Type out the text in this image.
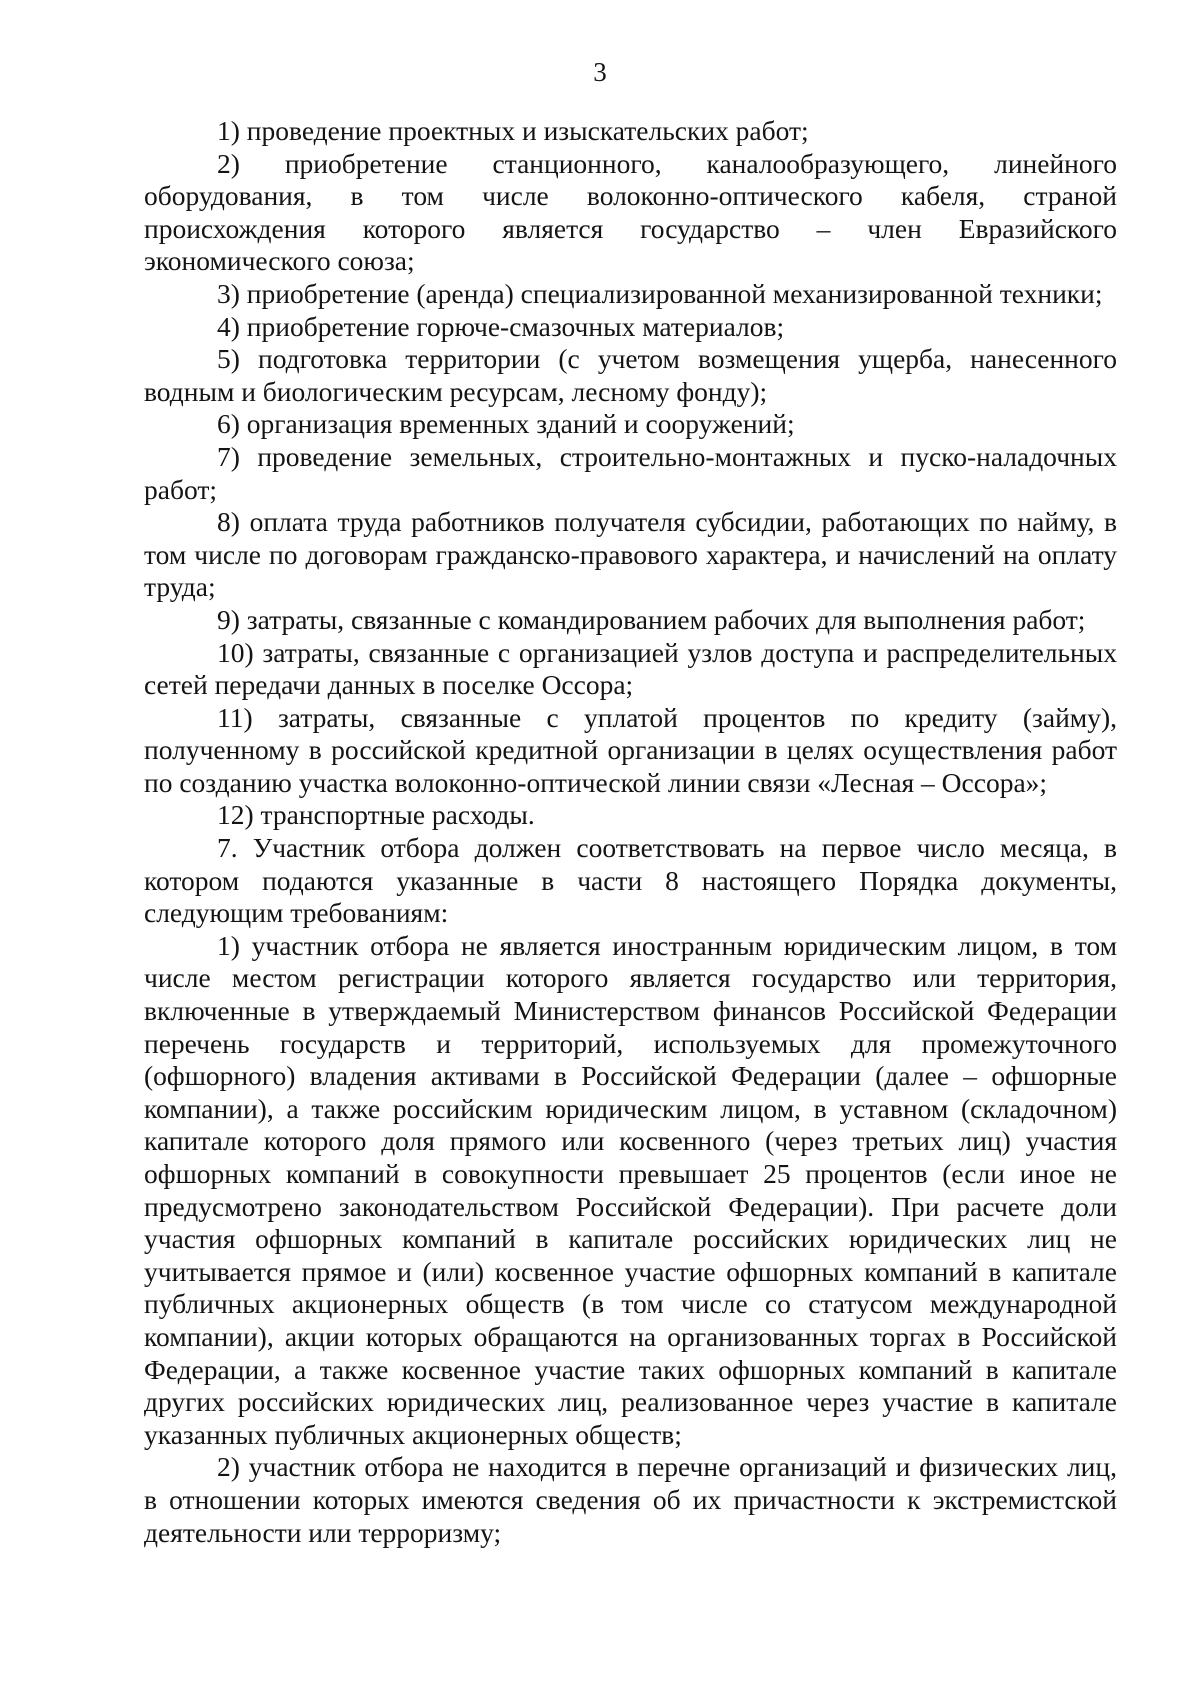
3

1) проведение проектных и изыскательских работ;

2) приобретение станционного, каналообразующего, линейного оборудования, в том числе волоконно-оптического кабеля, страной происхождения которого является государство – член Евразийского экономического союза;

3) приобретение (аренда) специализированной механизированной техники;

4) приобретение горюче-смазочных материалов;

5) подготовка территории (с учетом возмещения ущерба, нанесенного водным и биологическим ресурсам, лесному фонду);

6) организация временных зданий и сооружений;

7) проведение земельных, строительно-монтажных и пуско-наладочных работ;

8) оплата труда работников получателя субсидии, работающих по найму, в том числе по договорам гражданско-правового характера, и начислений на оплату труда;

9) затраты, связанные с командированием рабочих для выполнения работ;

10) затраты, связанные с организацией узлов доступа и распределительных сетей передачи данных в поселке Оссора;

11) затраты, связанные с уплатой процентов по кредиту (займу), полученному в российской кредитной организации в целях осуществления работ по созданию участка волоконно-оптической линии связи «Лесная – Оссора»;

12) транспортные расходы.

7. Участник отбора должен соответствовать на первое число месяца, в котором подаются указанные в части 8 настоящего Порядка документы, следующим требованиям:

1) участник отбора не является иностранным юридическим лицом, в том числе местом регистрации которого является государство или территория, включенные в утверждаемый Министерством финансов Российской Федерации перечень государств и территорий, используемых для промежуточного (офшорного) владения активами в Российской Федерации (далее – офшорные компании), а также российским юридическим лицом, в уставном (складочном) капитале которого доля прямого или косвенного (через третьих лиц) участия офшорных компаний в совокупности превышает 25 процентов (если иное не предусмотрено законодательством Российской Федерации). При расчете доли участия офшорных компаний в капитале российских юридических лиц не учитывается прямое и (или) косвенное участие офшорных компаний в капитале публичных акционерных обществ (в том числе со статусом международной компании), акции которых обращаются на организованных торгах в Российской Федерации, а также косвенное участие таких офшорных компаний в капитале других российских юридических лиц, реализованное через участие в капитале указанных публичных акционерных обществ;

2) участник отбора не находится в перечне организаций и физических лиц, в отношении которых имеются сведения об их причастности к экстремистской деятельности или терроризму;
